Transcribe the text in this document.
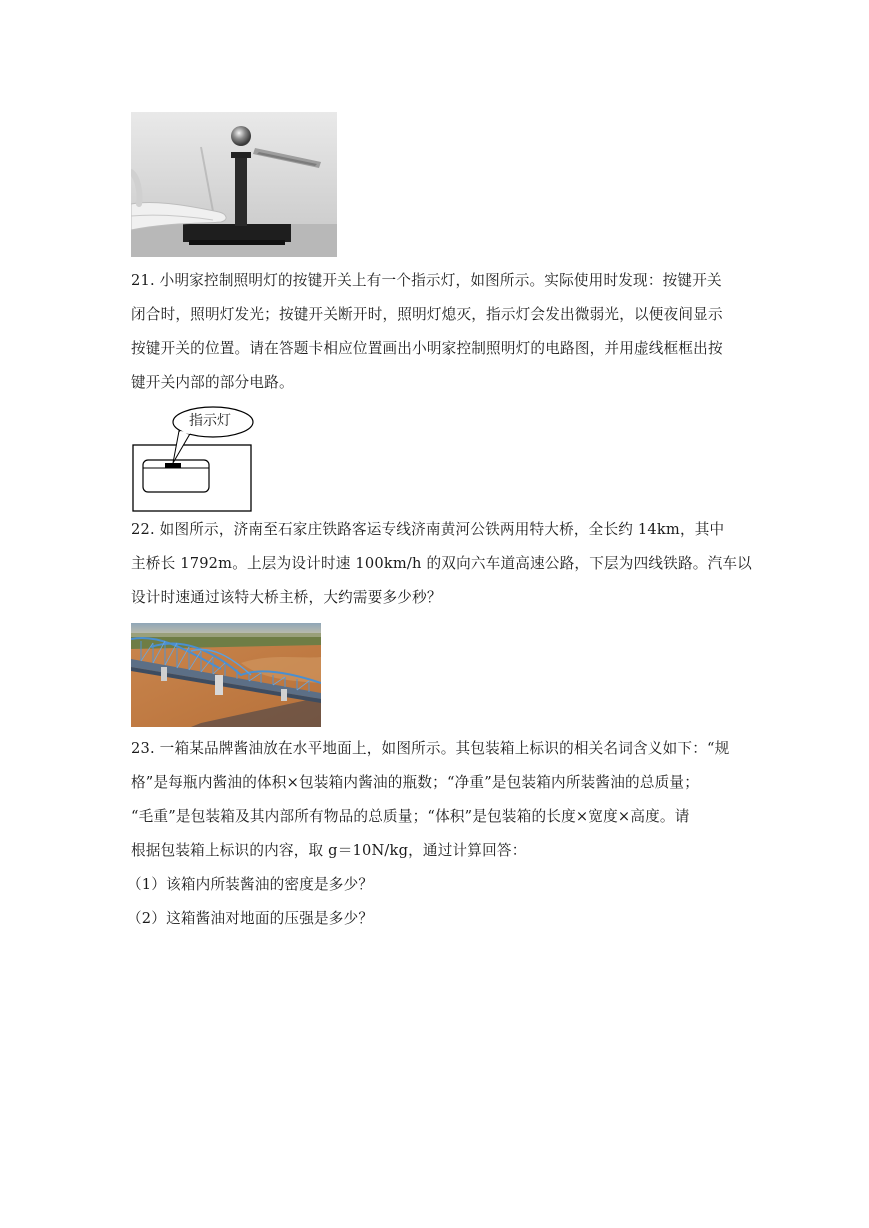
21. 小明家控制照明灯的按键开关上有一个指示灯，如图所示。实际使用时发现：按键开关
闭合时，照明灯发光；按键开关断开时，照明灯熄灭，指示灯会发出微弱光，以便夜间显示
按键开关的位置。请在答题卡相应位置画出小明家控制照明灯的电路图，并用虚线框框出按
键开关内部的部分电路。
指示灯
22. 如图所示，济南至石家庄铁路客运专线济南黄河公铁两用特大桥，全长约 14km，其中
主桥长 1792m。上层为设计时速 100km/h 的双向六车道高速公路，下层为四线铁路。汽车以
设计时速通过该特大桥主桥，大约需要多少秒？
23. 一箱某品牌酱油放在水平地面上，如图所示。其包装箱上标识的相关名词含义如下：“规
格”是每瓶内酱油的体积×包装箱内酱油的瓶数；“净重”是包装箱内所装酱油的总质量；
“毛重”是包装箱及其内部所有物品的总质量；“体积”是包装箱的长度×宽度×高度。请
根据包装箱上标识的内容，取 g＝10N/kg，通过计算回答：
（1）该箱内所装酱油的密度是多少？
（2）这箱酱油对地面的压强是多少？
